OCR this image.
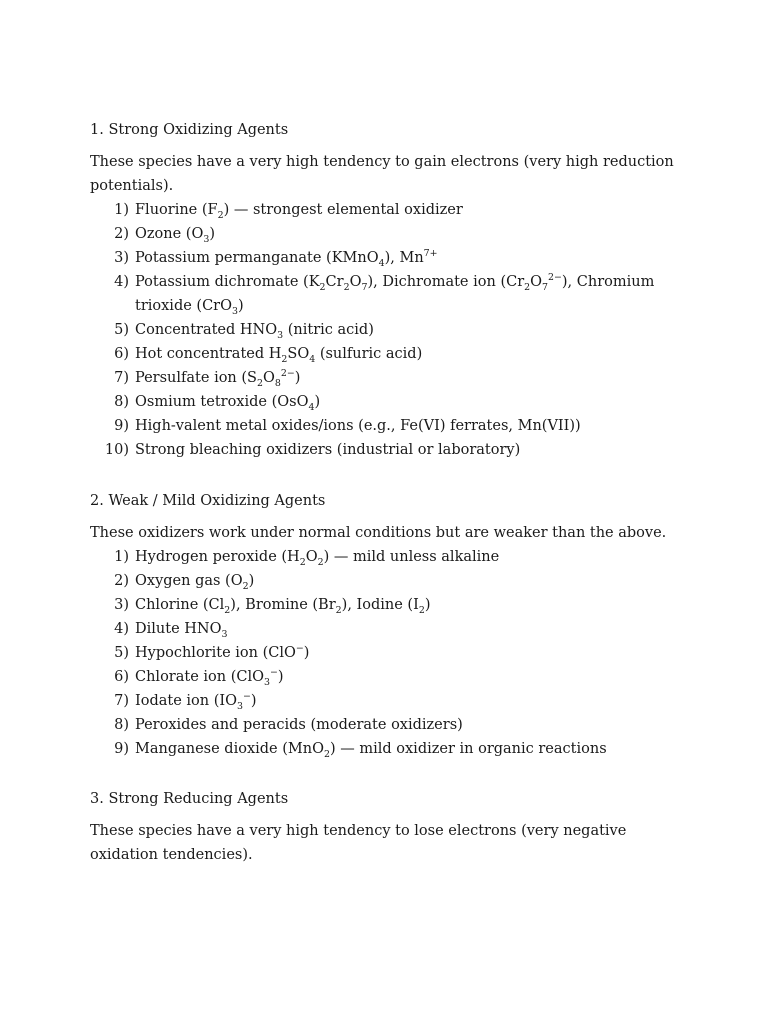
1. Strong Oxidizing Agents

These species have a very high tendency to gain electrons (very high reduction potentials).

1) Fluorine $(F_2)$ — strongest elemental oxidizer
2) Ozone $(O_3)$
3) Potassium permanganate (KMnO$_4$), $Mn^{7+}$
4) Potassium dichromate $(K_2Cr_2O_7)$, Dichromate ion $(Cr_2O_7^{2-})$, Chromium trioxide (CrO$_3$)
5) Concentrated $HNO_3$ (nitric acid)
6) Hot concentrated $H_2SO_4$ (sulfuric acid)
7) Persulfate ion $(S_2O_8^{2-})$
8) Osmium tetroxide (OsO$_4$)
9) High-valent metal oxides/ions (e.g., Fe(VI) ferrates, Mn(VII))
10) Strong bleaching oxidizers (industrial or laboratory)
2. Weak / Mild Oxidizing Agents

These oxidizers work under normal conditions but are weaker than the above.

1) Hydrogen peroxide $(H_2O_2)$ — mild unless alkaline
2) Oxygen gas $(O_2)$
3) Chlorine $(Cl_2)$, Bromine $(Br_2)$, Iodine $(I_2)$
4) Dilute $HNO_3$
5) Hypochlorite ion (ClO−)
6) Chlorate ion (ClO$_3$−)
7) Iodate ion $(IO_3^-)$
8) Peroxides and peracids (moderate oxidizers)
9) Manganese dioxide (MnO$_2$) — mild oxidizer in organic reactions
3. Strong Reducing Agents

These species have a very high tendency to lose electrons (very negative oxidation tendencies).
